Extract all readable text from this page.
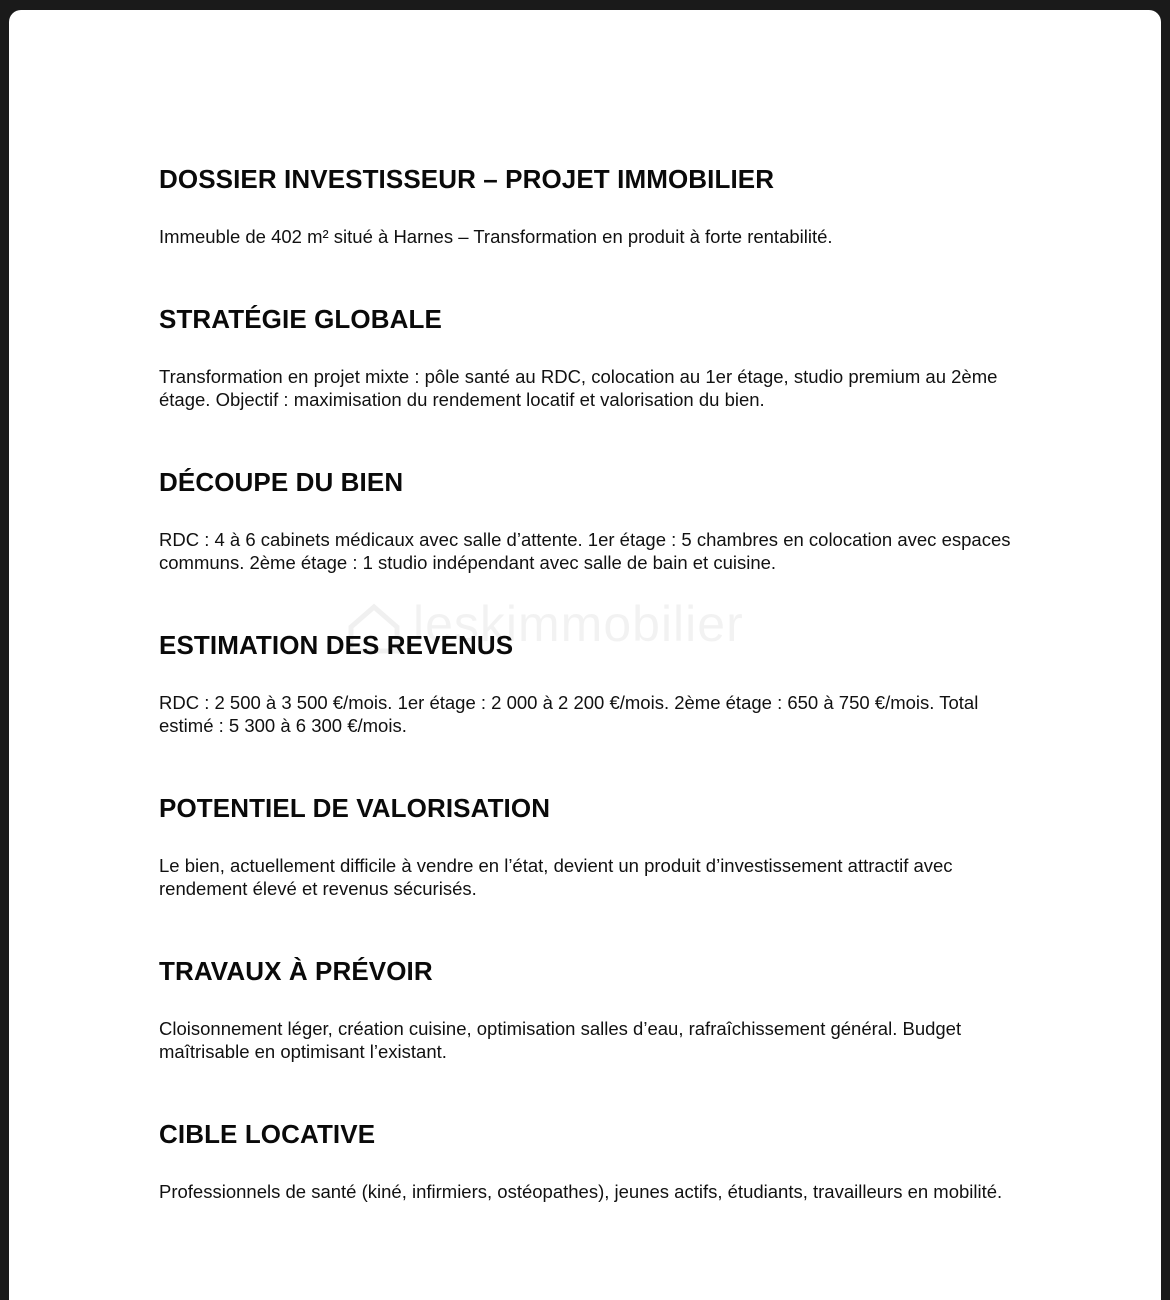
leskimmobilier
DOSSIER INVESTISSEUR – PROJET IMMOBILIER

Immeuble de 402 m² situé à Harnes – Transformation en produit à forte rentabilité.

STRATÉGIE GLOBALE

Transformation en projet mixte : pôle santé au RDC, colocation au 1er étage, studio premium au 2ème étage. Objectif : maximisation du rendement locatif et valorisation du bien.

DÉCOUPE DU BIEN

RDC : 4 à 6 cabinets médicaux avec salle d’attente. 1er étage : 5 chambres en colocation avec espaces communs. 2ème étage : 1 studio indépendant avec salle de bain et cuisine.

ESTIMATION DES REVENUS

RDC : 2 500 à 3 500 €/mois. 1er étage : 2 000 à 2 200 €/mois. 2ème étage : 650 à 750 €/mois. Total estimé : 5 300 à 6 300 €/mois.

POTENTIEL DE VALORISATION

Le bien, actuellement difficile à vendre en l’état, devient un produit d’investissement attractif avec rendement élevé et revenus sécurisés.

TRAVAUX À PRÉVOIR

Cloisonnement léger, création cuisine, optimisation salles d’eau, rafraîchissement général. Budget maîtrisable en optimisant l’existant.

CIBLE LOCATIVE

Professionnels de santé (kiné, infirmiers, ostéopathes), jeunes actifs, étudiants, travailleurs en mobilité.
